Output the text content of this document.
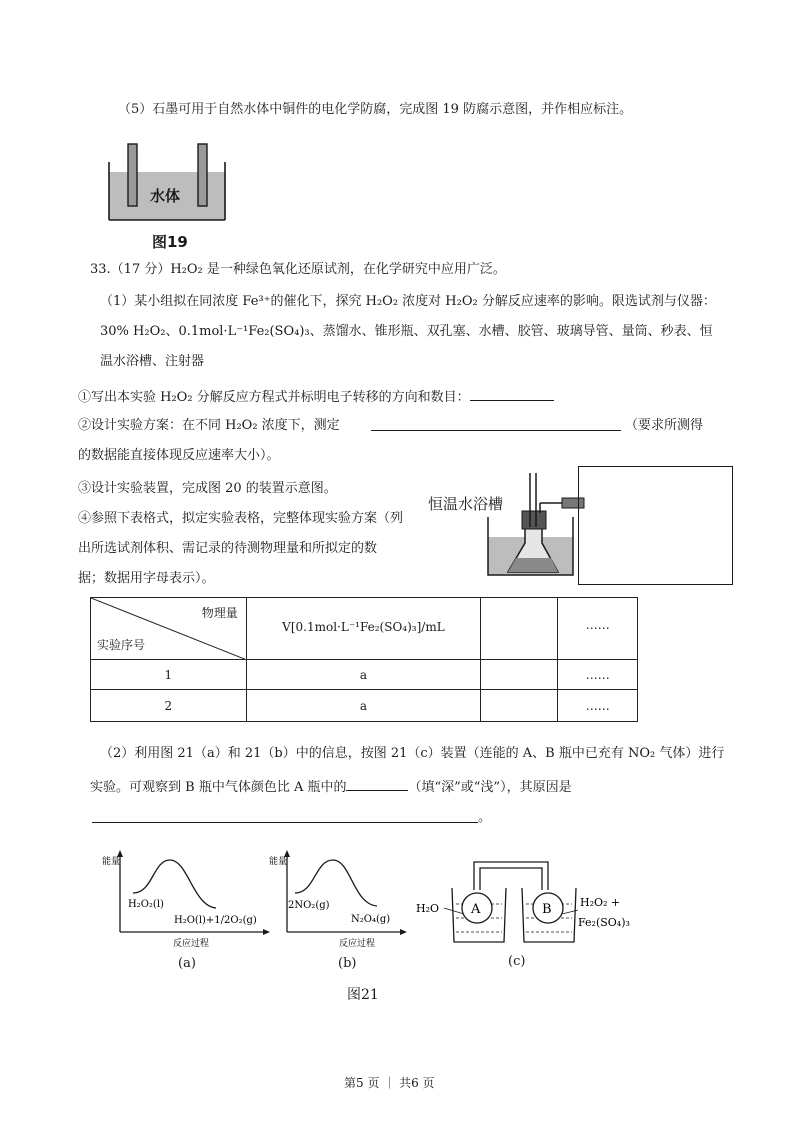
（5）石墨可用于自然水体中铜件的电化学防腐，完成图 19 防腐示意图，并作相应标注。
水体
图19
33.（17 分）H₂O₂ 是一种绿色氧化还原试剂，在化学研究中应用广泛。
（1）某小组拟在同浓度 Fe³⁺的催化下，探究 H₂O₂ 浓度对 H₂O₂ 分解反应速率的影响。限选试剂与仪器：
30% H₂O₂、0.1mol·L⁻¹Fe₂(SO₄)₃、蒸馏水、锥形瓶、双孔塞、水槽、胶管、玻璃导管、量筒、秒表、恒
温水浴槽、注射器
①写出本实验 H₂O₂ 分解反应方程式并标明电子转移的方向和数目：
②设计实验方案：在不同 H₂O₂ 浓度下，测定	（要求所测得
的数据能直接体现反应速率大小）。
③设计实验装置，完成图 20 的装置示意图。
④参照下表格式，拟定实验表格，完整体现实验方案（列
出所选试剂体积、需记录的待测物理量和所拟定的数
据；数据用字母表示）。
恒温水浴槽
物理量
实验序号	V[0.1mol·L⁻¹Fe₂(SO₄)₃]/mL		……
1	a		……
2	a		……
（2）利用图 21（a）和 21（b）中的信息，按图 21（c）装置（连能的 A、B 瓶中已充有 NO₂ 气体）进行
实验。可观察到 B 瓶中气体颜色比 A 瓶中的	（填“深”或“浅”），其原因是
。
能量
H₂O₂(l)
H₂O(l)+1/2O₂(g)
反应过程
(a)
能量
2NO₂(g)
N₂O₄(g)
反应过程
(b)
A	B
H₂O	H₂O₂ +
Fe₂(SO₄)₃
(c)
图21
第5 页 ｜ 共6 页
